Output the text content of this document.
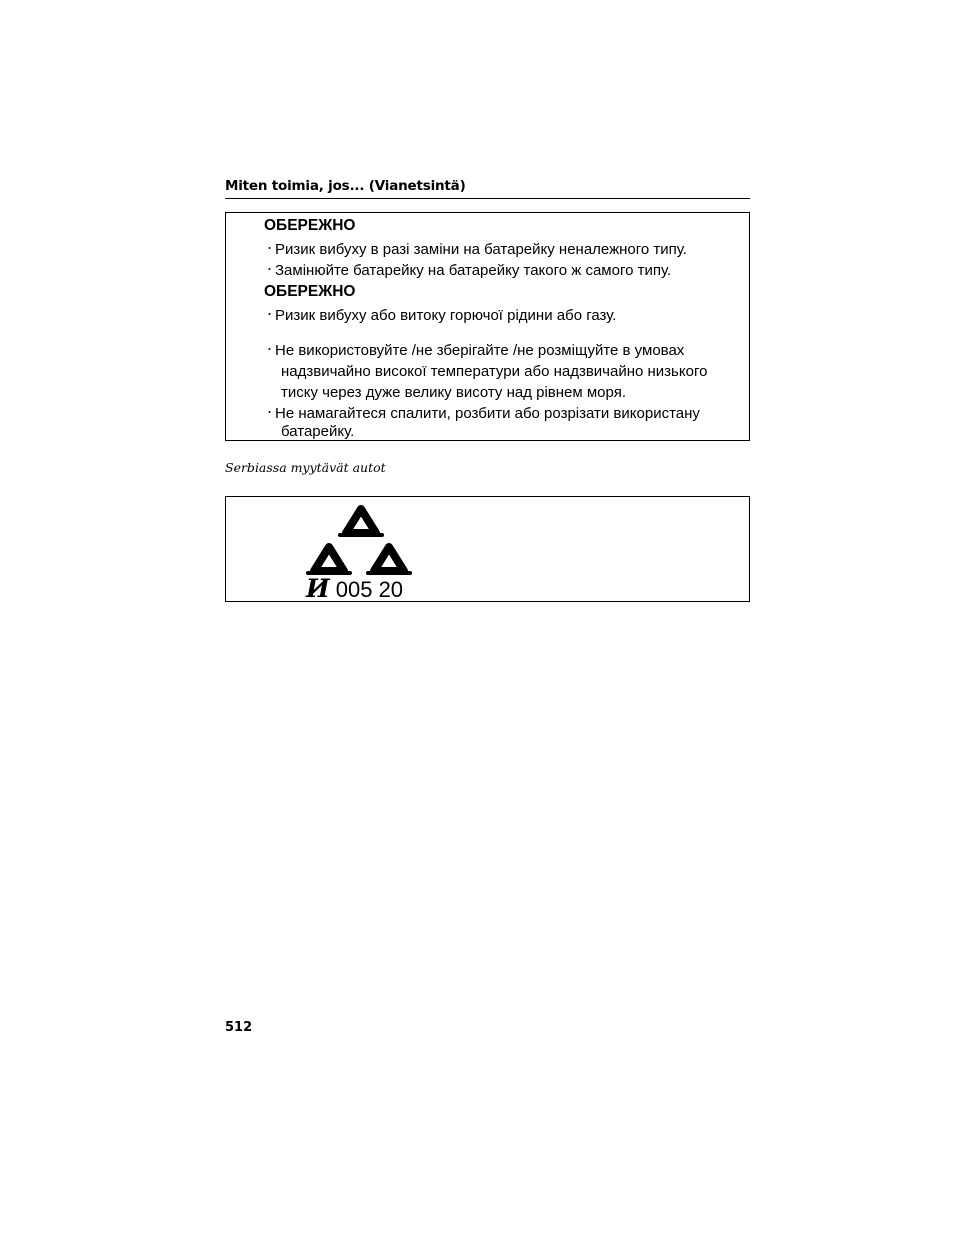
Miten toimia, jos... (Vianetsintä)
ОБЕРЕЖНО
・Ризик вибуху в разі заміни на батарейку неналежного типу.
・Замінюйте батарейку на батарейку такого ж самого типу.
ОБЕРЕЖНО
・Ризик вибуху або витоку горючої рідини або газу.
・Не використовуйте /не зберігайте /не розміщуйте в умовах
надзвичайно високої температури або надзвичайно низького
тиску через дуже велику висоту над рівнем моря.
・Не намагайтеся спалити, розбити або розрізати використану
батарейку.
Serbiassa myytävät autot
И 005 20
512
